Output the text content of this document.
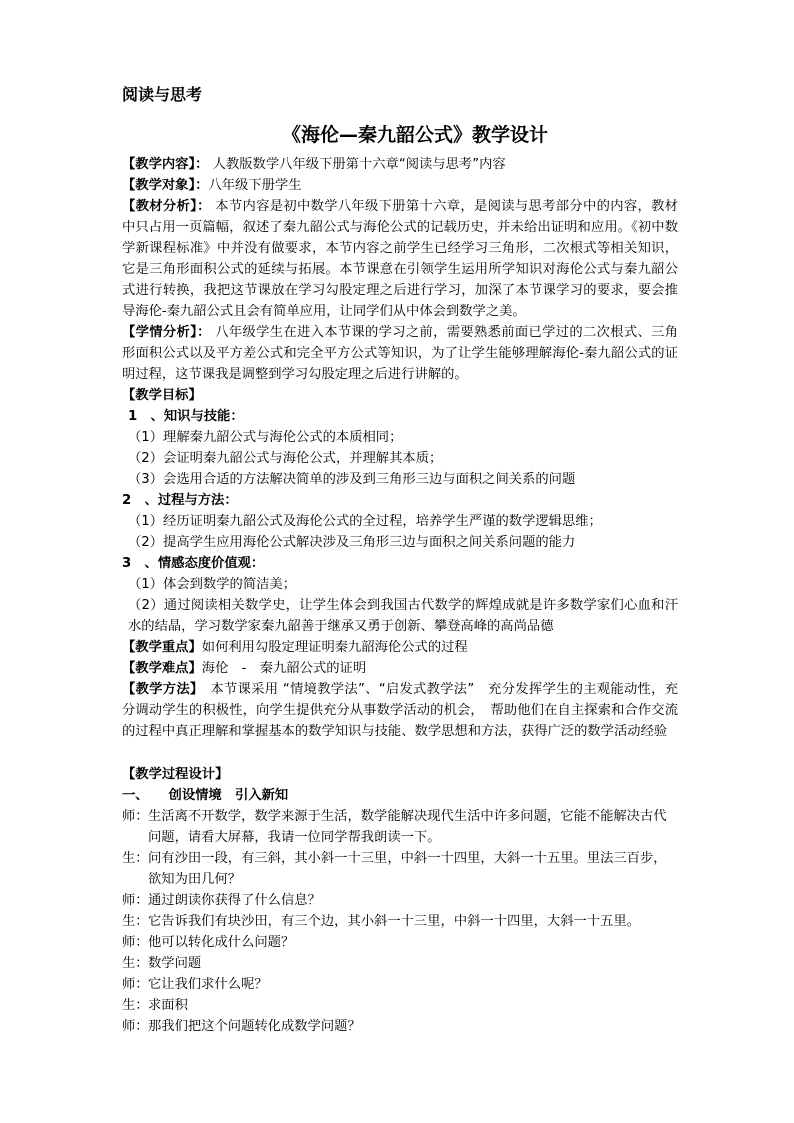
阅读与思考

《海伦—秦九韶公式》教学设计

【教学内容】： 人教版数学八年级下册第十六章“阅读与思考”内容

【教学对象】：八年级下册学生

【教材分析】： 本节内容是初中数学八年级下册第十六章，是阅读与思考部分中的内容，教材中只占用一页篇幅，叙述了秦九韶公式与海伦公式的记载历史，并未给出证明和应用。《初中数学新课程标准》中并没有做要求，本节内容之前学生已经学习三角形，二次根式等相关知识，它是三角形面积公式的延续与拓展。本节课意在引领学生运用所学知识对海伦公式与秦九韶公式进行转换，我把这节课放在学习勾股定理之后进行学习，加深了本节课学习的要求，要会推导海伦-秦九韶公式且会有简单应用，让同学们从中体会到数学之美。

【学情分析】： 八年级学生在进入本节课的学习之前，需要熟悉前面已学过的二次根式、三角形面积公式以及平方差公式和完全平方公式等知识，为了让学生能够理解海伦-秦九韶公式的证明过程，这节课我是调整到学习勾股定理之后进行讲解的。

【教学目标】

1　、知识与技能：

（1）理解秦九韶公式与海伦公式的本质相同；

（2）会证明秦九韶公式与海伦公式，并理解其本质；

（3）会选用合适的方法解决简单的涉及到三角形三边与面积之间关系的问题

2　、过程与方法：

（1）经历证明秦九韶公式及海伦公式的全过程，培养学生严谨的数学逻辑思维；

（2）提高学生应用海伦公式解决涉及三角形三边与面积之间关系问题的能力

3　、情感态度价值观：

（1）体会到数学的简洁美；

（2）通过阅读相关数学史，让学生体会到我国古代数学的辉煌成就是许多数学家们心血和汗水的结晶，学习数学家秦九韶善于继承又勇于创新、攀登高峰的高尚品德

【教学重点】如何利用勾股定理证明秦九韶海伦公式的过程

【教学难点】海伦　-　秦九韶公式的证明

【教学方法】　本节课采用 “情境教学法”、“启发式教学法”　充分发挥学生的主观能动性，充分调动学生的积极性，向学生提供充分从事数学活动的机会，　帮助他们在自主探索和合作交流的过程中真正理解和掌握基本的数学知识与技能、数学思想和方法，获得广泛的数学活动经验

【教学过程设计】

一、　　创设情境　引入新知

师： 生活离不开数学，数学来源于生活，数学能解决现代生活中许多问题，它能不能解决古代问题，请看大屏幕，我请一位同学帮我朗读一下。
生： 问有沙田一段，有三斜，其小斜一十三里，中斜一十四里，大斜一十五里。里法三百步，欲知为田几何？
师： 通过朗读你获得了什么信息？
生： 它告诉我们有块沙田，有三个边，其小斜一十三里，中斜一十四里，大斜一十五里。
师： 他可以转化成什么问题？
生： 数学问题
师： 它让我们求什么呢？
生： 求面积
师： 那我们把这个问题转化成数学问题？
